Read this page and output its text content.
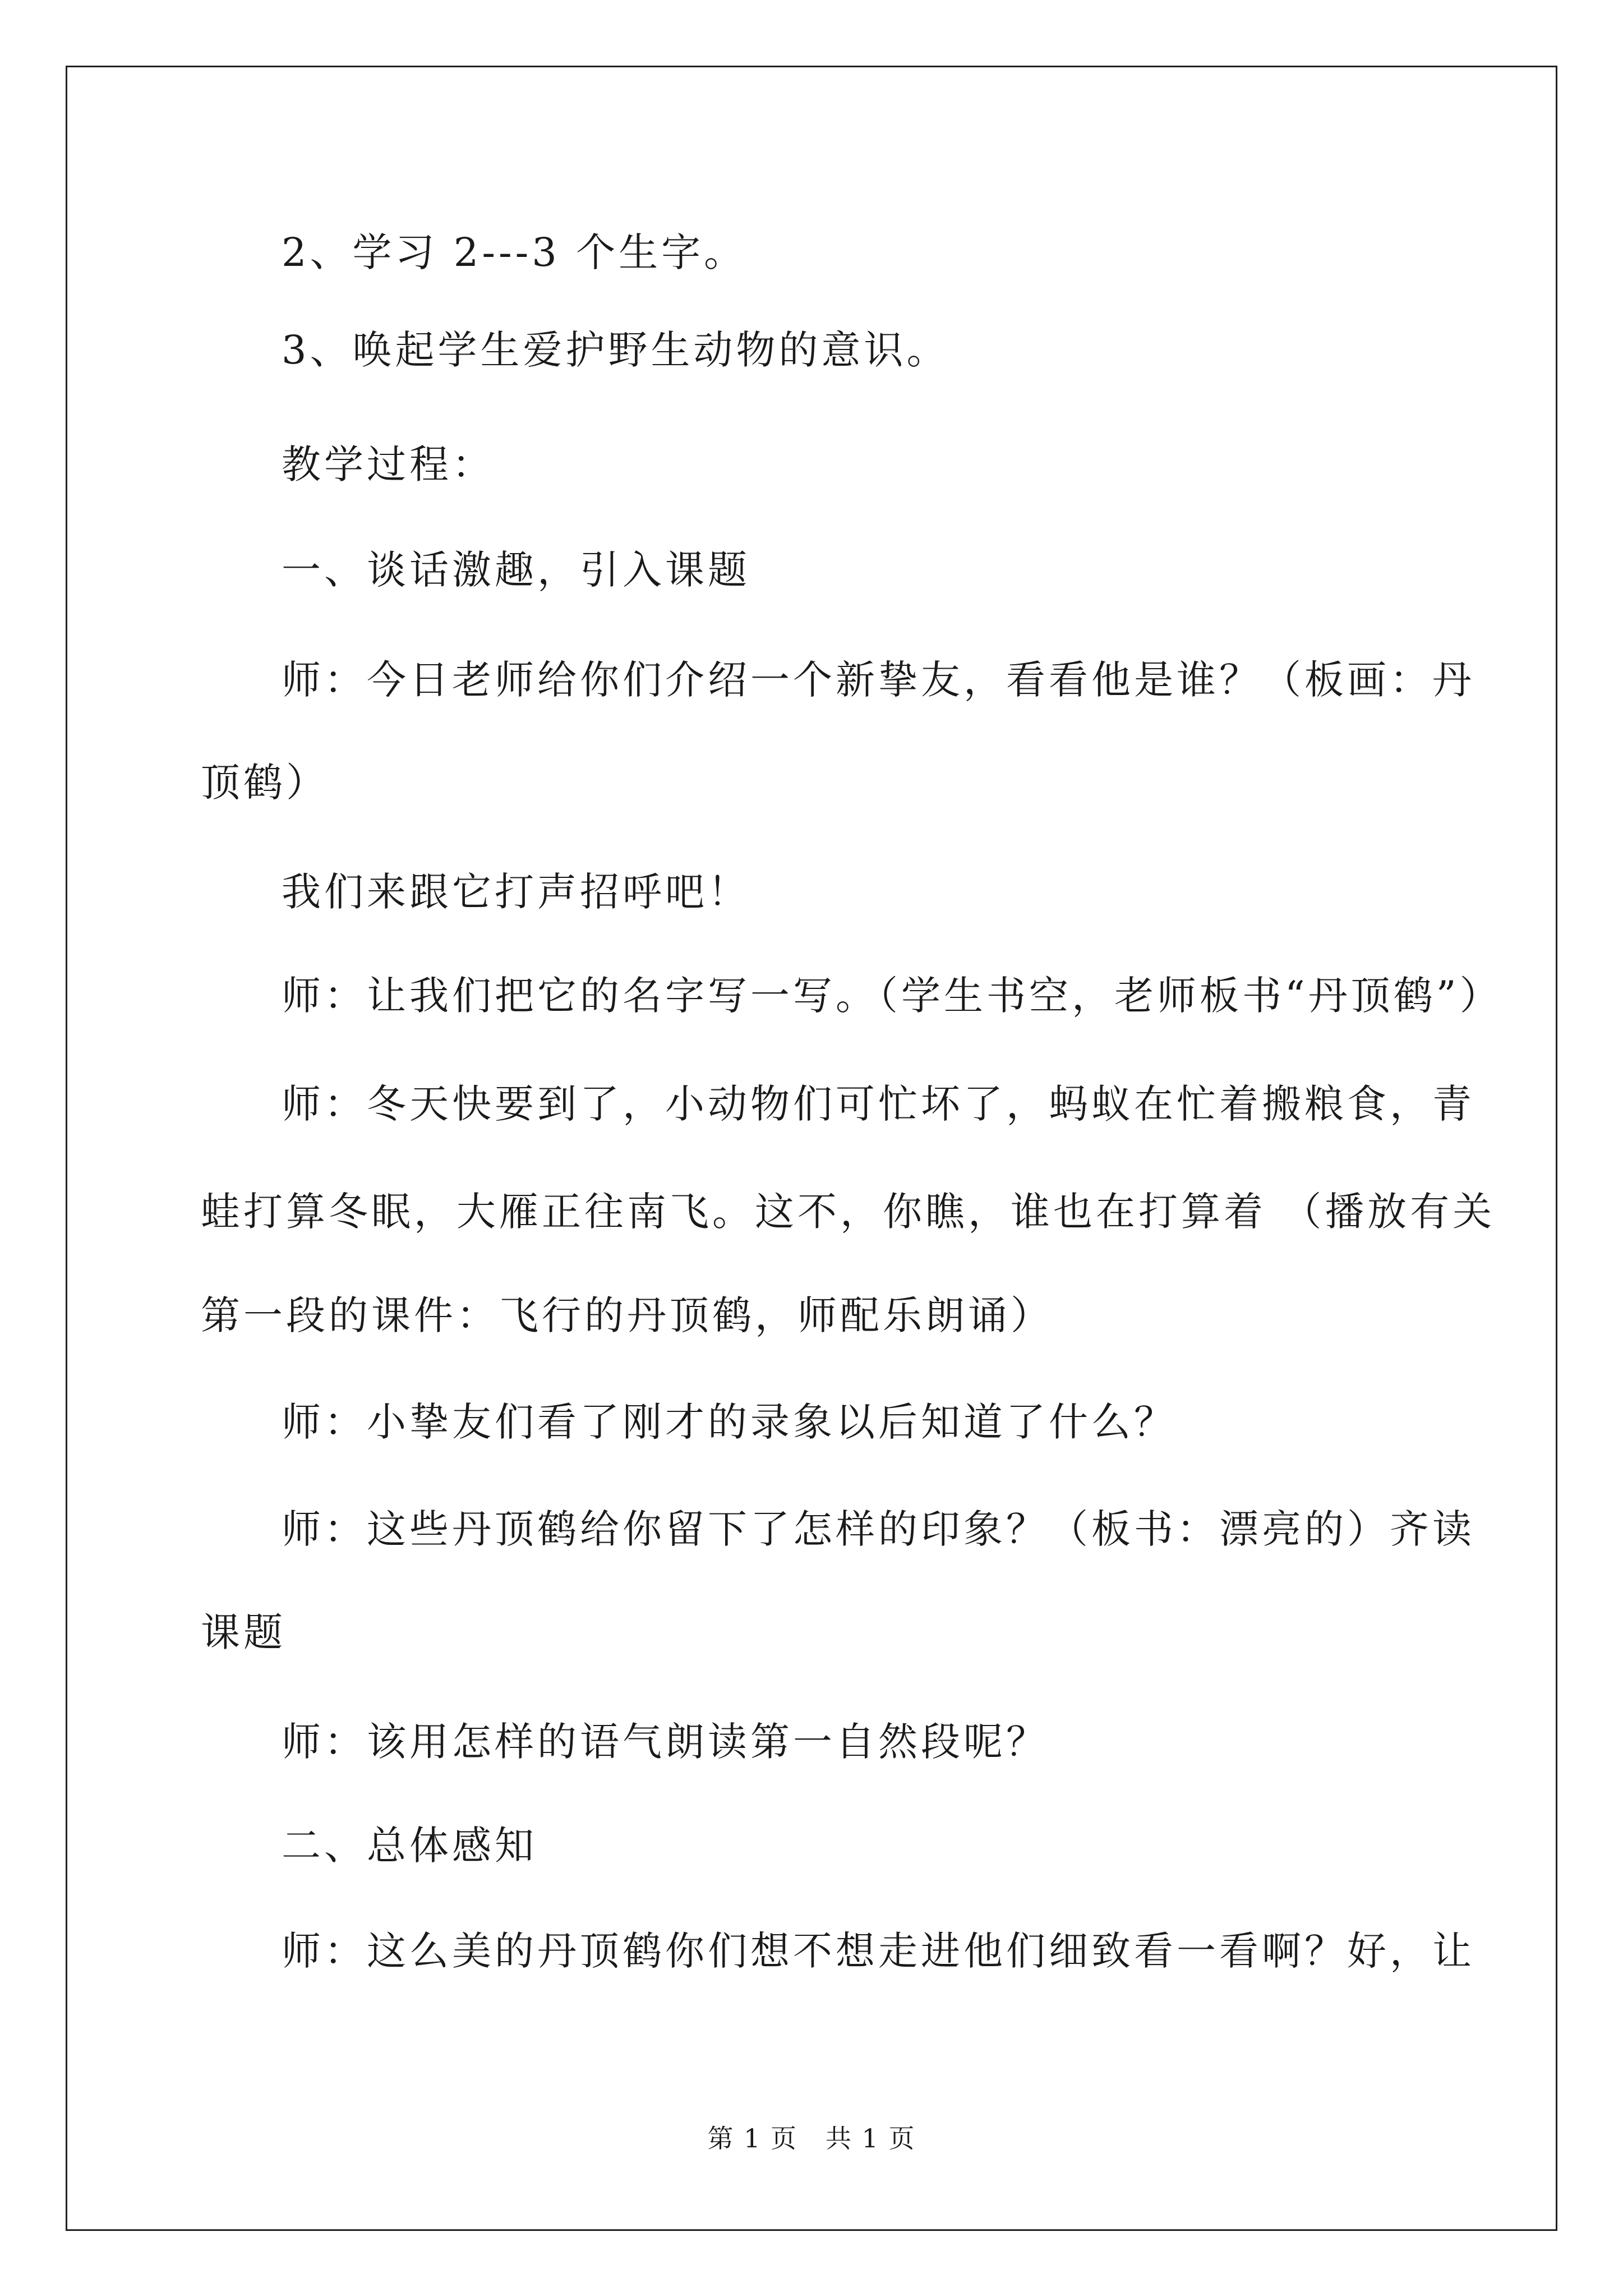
2、学习 2---3 个生字。
3、唤起学生爱护野生动物的意识。
教学过程：
一、谈话激趣，引入课题
师：今日老师给你们介绍一个新挚友，看看他是谁？（板画：丹
顶鹤）
我们来跟它打声招呼吧！
师：让我们把它的名字写一写。（学生书空，老师板书“丹顶鹤”）
师：冬天快要到了，小动物们可忙坏了，蚂蚁在忙着搬粮食，青
蛙打算冬眠，大雁正往南飞。这不，你瞧，谁也在打算着 （播放有关
第一段的课件：飞行的丹顶鹤，师配乐朗诵）
师：小挚友们看了刚才的录象以后知道了什么？
师：这些丹顶鹤给你留下了怎样的印象？（板书：漂亮的）齐读
课题
师：该用怎样的语气朗读第一自然段呢？
二、总体感知
师：这么美的丹顶鹤你们想不想走进他们细致看一看啊？好，让
第 1 页 共 1 页
